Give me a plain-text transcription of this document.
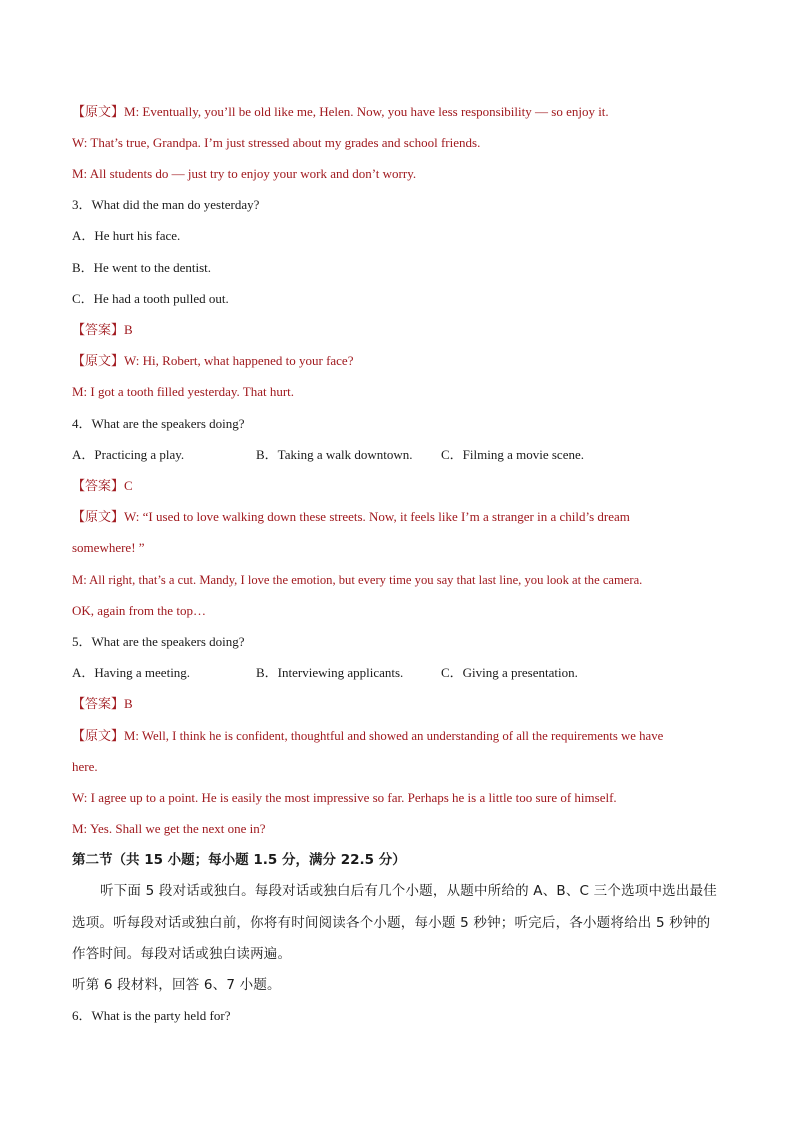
【原文】M: Eventually, you’ll be old like me, Helen. Now, you have less responsibility — so enjoy it.
W: That’s true, Grandpa. I’m just stressed about my grades and school friends.
M: All students do — just try to enjoy your work and don’t worry.
3．What did the man do yesterday?
A．He hurt his face.
B．He went to the dentist.
C．He had a tooth pulled out.
【答案】B
【原文】W: Hi, Robert, what happened to your face?
M: I got a tooth filled yesterday. That hurt.
4．What are the speakers doing?
A．Practicing a play.	B．Taking a walk downtown. C．Filming a movie scene.
【答案】C
【原文】W: “I used to love walking down these streets. Now, it feels like I’m a stranger in a child’s dream
somewhere! ”
M: All right, that’s a cut. Mandy, I love the emotion, but every time you say that last line, you look at the camera.
OK, again from the top…
5．What are the speakers doing?
A．Having a meeting.	B．Interviewing applicants.	C．Giving a presentation.
【答案】B
【原文】M: Well, I think he is confident, thoughtful and showed an understanding of all the requirements we have
here.
W: I agree up to a point. He is easily the most impressive so far. Perhaps he is a little too sure of himself.
M: Yes. Shall we get the next one in?
第二节（共 15 小题；每小题 1.5 分，满分 22.5 分）
听下面 5 段对话或独白。每段对话或独白后有几个小题，从题中所给的 A、B、C 三个选项中选出最佳
选项。听每段对话或独白前，你将有时间阅读各个小题，每小题 5 秒钟；听完后，各小题将给出 5 秒钟的
作答时间。每段对话或独白读两遍。
听第 6 段材料，回答 6、7 小题。
6．What is the party held for?
